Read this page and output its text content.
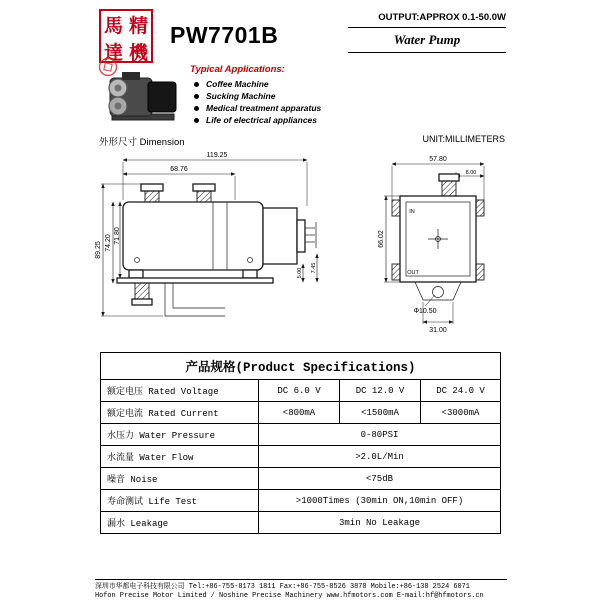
馬 精
達 機
PW7701B
OUTPUT:APPROX 0.1-50.0W
Water Pump
Typical Applications:
Coffee Machine
Sucking Machine
Medical treatment apparatus
Life of electrical appliances
外形尺寸 Dimension	UNIT:MILLIMETERS
119.25
68.76
89.25 74.20 71.80
5.00 7.45
57.80
8.00
IN
OUT
66.02
Φ10.50
31.00
产品规格(Product Specifications)			
额定电压 Rated Voltage	DC 6.0 V	DC 12.0 V	DC 24.0 V
额定电流 Rated Current	<800mA	<1500mA	<3000mA
水压力 Water Pressure	0-80PSI		
水流量 Water Flow	>2.0L/Min		
噪音 Noise	<75dB		
寿命测试 Life Test	>1000Times (30min ON,10min OFF)		
漏水 Leakage	3min No Leakage		
深圳市华都电子科技有限公司 Tel:+86-755-8173 1811 Fax:+86-755-8526 3878 Mobile:+86-138 2524 6071
Hofon Precise Motor Limited / Noshine Precise Machinery www.hfmotors.com E-mail:hf@hfmotors.cn
